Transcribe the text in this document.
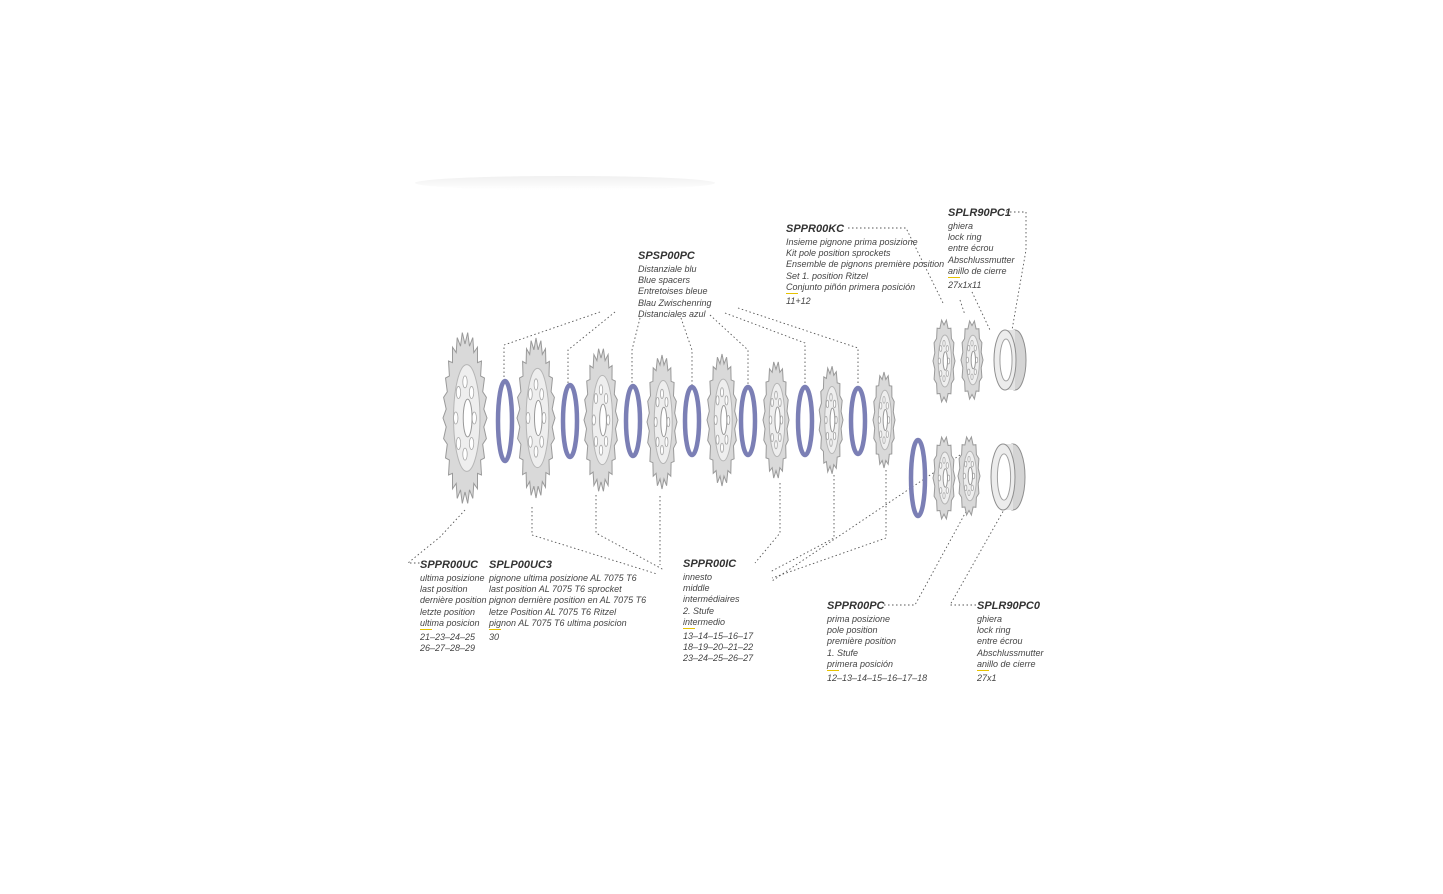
SPSP00PC
Distanziale blu
Blue spacers
Entretoises bleue
Blau Zwischenring
Distanciales azul
SPPR00KC
Insieme pignone prima posizione
Kit pole position sprockets
Ensemble de pignons première position
Set 1. position Ritzel
Conjunto piñón primera posición
11+12
SPLR90PC1
ghiera
lock ring
entre écrou
Abschlussmutter
anillo de cierre
27x1x11
SPPR00UC
ultima posizione
last position
dernière position
letzte position
ultima posicion
21–23–24–25
26–27–28–29
SPLP00UC3
pignone ultima posizione AL 7075 T6
last position AL 7075 T6 sprocket
pignon dernière position en AL 7075 T6
letze Position AL 7075 T6 Ritzel
pignon AL 7075 T6 ultima posicion
30
SPPR00IC
innesto
middle
intermédiaires
2. Stufe
intermedio
13–14–15–16–17
18–19–20–21–22
23–24–25–26–27
SPPR00PC
prima posizione
pole position
première position
1. Stufe
primera posición
12–13–14–15–16–17–18
SPLR90PC0
ghiera
lock ring
entre écrou
Abschlussmutter
anillo de cierre
27x1
